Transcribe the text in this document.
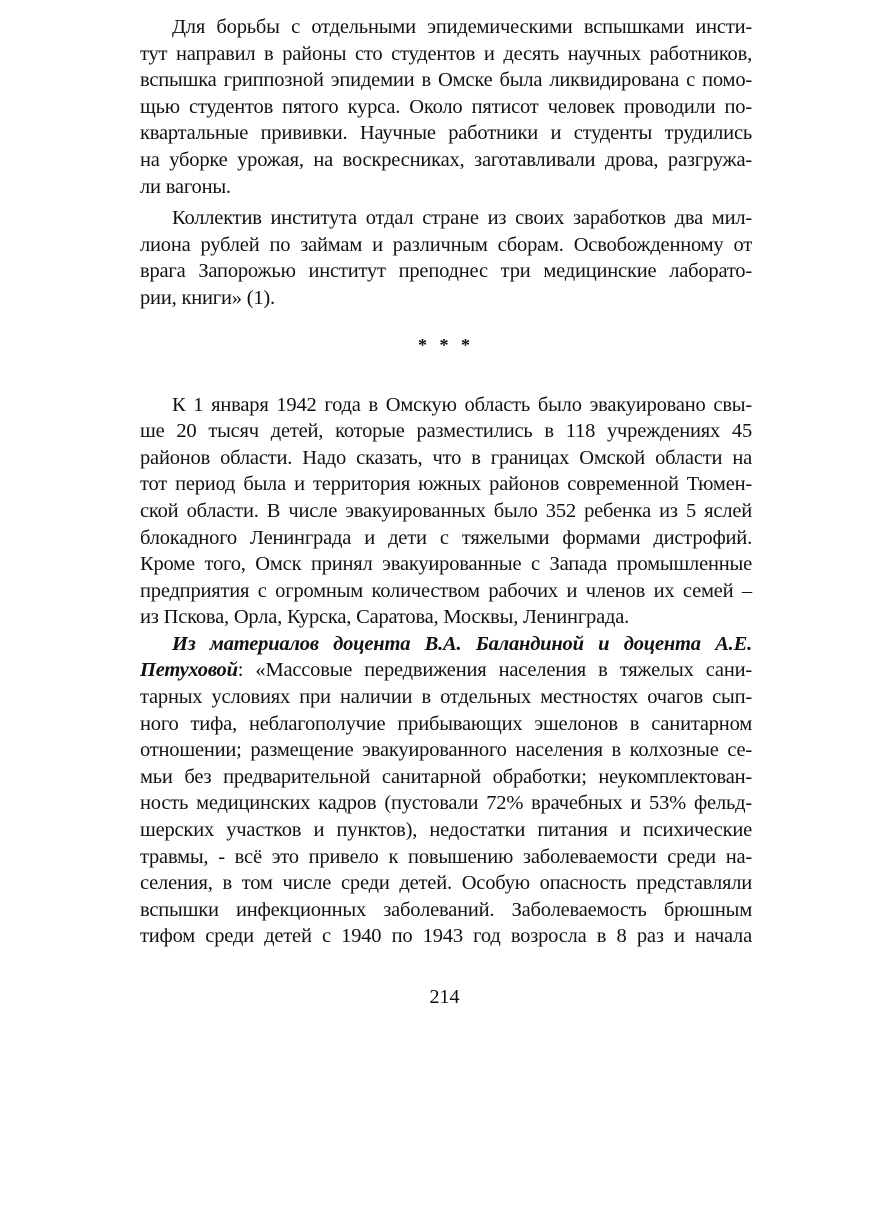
Для борьбы с отдельными эпидемическими вспышками инсти-
тут направил в районы сто студентов и десять научных работников,
вспышка гриппозной эпидемии в Омске была ликвидирована с помо-
щью студентов пятого курса. Около пятисот человек проводили по-
квартальные прививки. Научные работники и студенты трудились
на уборке урожая, на воскресниках, заготавливали дрова, разгружа-
ли вагоны.
Коллектив института отдал стране из своих заработков два мил-
лиона рублей по займам и различным сборам. Освобожденному от
врага Запорожью институт преподнес три медицинские лаборато-
рии, книги» (1).
* * *
К 1 января 1942 года в Омскую область было эвакуировано свы-
ше 20 тысяч детей, которые разместились в 118 учреждениях 45
районов области. Надо сказать, что в границах Омской области на
тот период была и территория южных районов современной Тюмен-
ской области. В числе эвакуированных было 352 ребенка из 5 яслей
блокадного Ленинграда и дети с тяжелыми формами дистрофий.
Кроме того, Омск принял эвакуированные с Запада промышленные
предприятия с огромным количеством рабочих и членов их семей –
из Пскова, Орла, Курска, Саратова, Москвы, Ленинграда.
Из материалов доцента В.А. Баландиной и доцента А.Е.
Петуховой: «Массовые передвижения населения в тяжелых сани-
тарных условиях при наличии в отдельных местностях очагов сып-
ного тифа, неблагополучие прибывающих эшелонов в санитарном
отношении; размещение эвакуированного населения в колхозные се-
мьи без предварительной санитарной обработки; неукомплектован-
ность медицинских кадров (пустовали 72% врачебных и 53% фельд-
шерских участков и пунктов), недостатки питания и психические
травмы, - всё это привело к повышению заболеваемости среди на-
селения, в том числе среди детей. Особую опасность представляли
вспышки инфекционных заболеваний. Заболеваемость брюшным
тифом среди детей с 1940 по 1943 год возросла в 8 раз и начала
214
